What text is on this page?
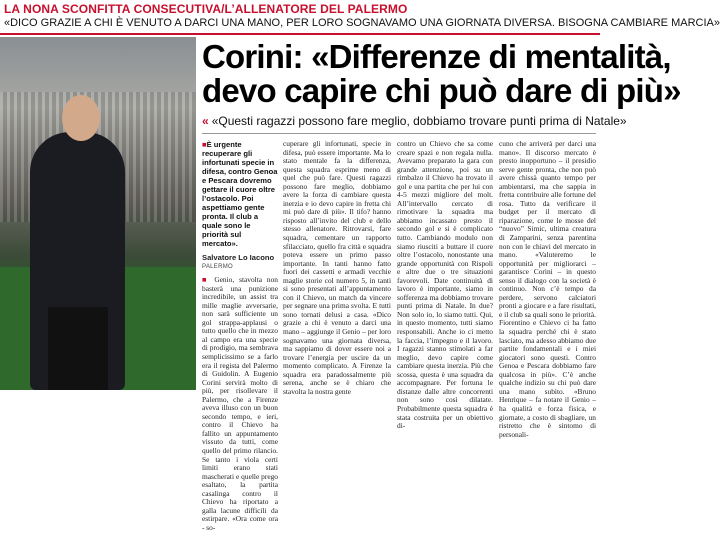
LA NONA SCONFITTA CONSECUTIVA/L’ALLENATORE DEL PALERMO
«DICO GRAZIE A CHI È VENUTO A DARCI UNA MANO, PER LORO SOGNAVAMO UNA GIORNATA DIVERSA. BISOGNA CAMBIARE MARCIA»
Corini: «Differenze di mentalità,
devo capire chi può dare di più»
« «Questi ragazzi possono fare meglio, dobbiamo trovare punti prima di Natale»

■ È urgente recuperare gli infortunati specie in difesa, contro Genoa e Pescara dovremo gettare il cuore oltre l’ostacolo. Poi aspettiamo gente pronta. Il club a quale sono le priorità sul mercato».

Salvatore Lo Iacono

PALERMO

■ Genio, stavolta non basterà una punizione incredibile, un assist tra mille maglie avversarie, non sarà sufficiente un gol strappa-applausi o tutto quello che in mezzo al campo era una specie di prodigio, ma sembrava semplicissimo se a farlo era il regista del Palermo di Guidolin. A Eugenio Corini servirà molto di più, per risollevare il Palermo, che a Firenze aveva illuso con un buon secondo tempo, e ieri, contro il Chievo ha fallito un appuntamento vissuto da tutti, come quello del primo rilancio. Se tanto i viola certi limiti erano stati mascherati e quelle prego esaltato, la partita casalinga contro il Chievo ha riportato a galla lacune difficili da estirpare. «Ora come ora - so-

cuperare gli infortunati, specie in difesa, può essere importante. Ma lo stato mentale fa la differenza, questa squadra esprime meno di quel che può fare. Questi ragazzi possono fare meglio, dobbiamo avere la forza di cambiare questa inerzia e io devo capire in fretta chi mi può dare di più». Il tifo? hanno risposto all’invito del club e dello stesso allenatore. Ritrovarsi, fare squadra, cementare un rapporto sfilacciato, quello fra città e squadra poteva essere un primo passo importante. In tanti hanno fatto fuori dei cassetti e armadi vecchie maglie storie col numero 5, in tanti si sono presentati all’appuntamento con il Chievo, un match da vincere per segnare una prima svolta. E tutti sono tornati delusi a casa. «Dico grazie a chi è venuto a darci una mano – aggiunge il Genio – per loro sognavamo una giornata diversa, ma sappiamo di dover essere noi a trovare l’energia per uscire da un momento complicato. A Firenze la squadra era paradossalmente più serena, anche se è chiaro che stavolta la nostra gente

contro un Chievo che sa come creare spazi e non regala nulla. Avevamo preparato la gara con grande attenzione, poi su un rimbalzo il Chievo ha trovato il gol e una partita che per lui con 4-5 mezzi migliore del molt. All’intervallo cercato di rimotivare la squadra ma abbiamo incassato presto il secondo gol e si è complicato tutto. Cambiando modulo non siamo riusciti a buttare il cuore oltre l’ostacolo, nonostante una grande opportunità con Rispoli e altre due o tre situazioni favorevoli. Date continuità di lavoro è importante, siamo in sofferenza ma dobbiamo trovare punti prima di Natale. In due? Non solo io, lo siamo tutti. Qui, in questo momento, tutti siamo responsabili. Anche io ci metto la faccia, l’impegno e il lavoro. I ragazzi stanno stimolati a far meglio, devo capire come cambiare questa inerzia. Più che scossa, questa è una squadra da accompagnare. Per fortuna le distanze dalle altre concorrenti non sono così dilatate. Probabilmente questa squadra è stata costruita per un obiettivo di-

cuno che arriverà per darci una mano». Il discorso mercato è presto inopportuno – il presidio serve gente pronta, che non può avere chissà quanto tempo per ambientarsi, ma che sappia in fretta contribuire alle fortune del rosa. Tutto da verificare il budget per il mercato di riparazione, come le mosse del “nuovo” Simic, ultima creatura di Zamparini, senza parentina non con le chiavi del mercato in mano. «Valuteremo le opportunità per migliorarci – garantisce Corini – in questo senso il dialogo con la società è continuo. Non c’è tempo da perdere, servono calciatori pronti a giocare e a fare risultati, e il club sa quali sono le priorità. Fiorentino e Chievo ci ha fatto la squadra perché chi è stato lasciato, ma adesso abbiamo due partite fondamentali e i miei giocatori sono questi. Contro Genoa e Pescara dobbiamo fare qualcosa in più». C’è anche qualche indizio su chi può dare una mano subito. «Bruno Henrique – fa notare il Genio – ha qualità e forza fisica, e giornate, a costo di sbagliare, un ristretto che è sintomo di personali-
